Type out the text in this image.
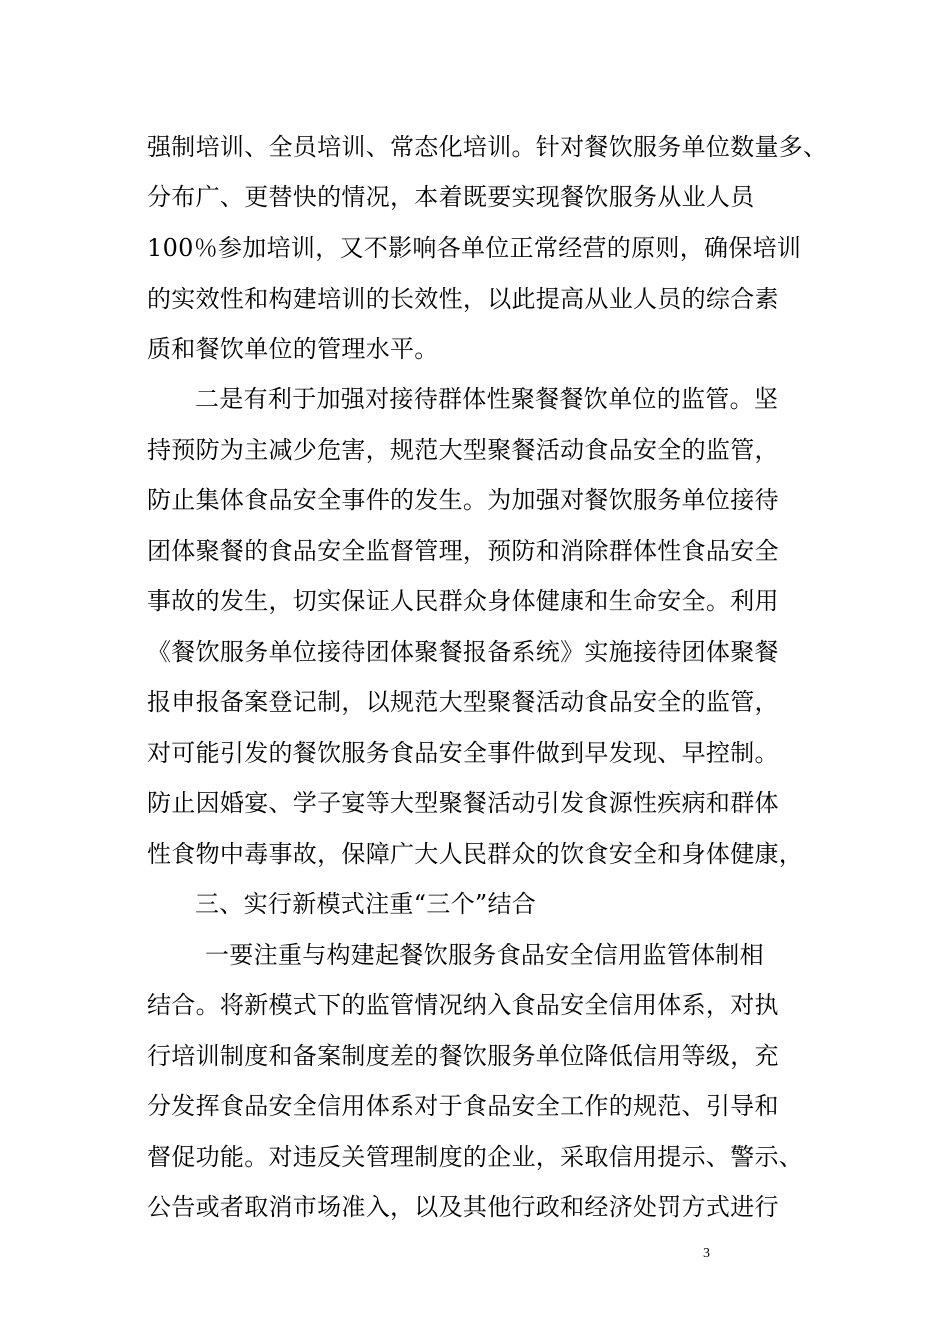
强制培训、全员培训、常态化培训。针对餐饮服务单位数量多、
分布广、更替快的情况，本着既要实现餐饮服务从业人员
100％参加培训，又不影响各单位正常经营的原则，确保培训
的实效性和构建培训的长效性，以此提高从业人员的综合素
质和餐饮单位的管理水平。
二是有利于加强对接待群体性聚餐餐饮单位的监管。坚
持预防为主减少危害，规范大型聚餐活动食品安全的监管，
防止集体食品安全事件的发生。为加强对餐饮服务单位接待
团体聚餐的食品安全监督管理，预防和消除群体性食品安全
事故的发生，切实保证人民群众身体健康和生命安全。利用
《餐饮服务单位接待团体聚餐报备系统》实施接待团体聚餐
报申报备案登记制，以规范大型聚餐活动食品安全的监管，
对可能引发的餐饮服务食品安全事件做到早发现、早控制。
防止因婚宴、学子宴等大型聚餐活动引发食源性疾病和群体
性食物中毒事故，保障广大人民群众的饮食安全和身体健康，
三、实行新模式注重“三个”结合
一要注重与构建起餐饮服务食品安全信用监管体制相
结合。将新模式下的监管情况纳入食品安全信用体系，对执
行培训制度和备案制度差的餐饮服务单位降低信用等级，充
分发挥食品安全信用体系对于食品安全工作的规范、引导和
督促功能。对违反关管理制度的企业，采取信用提示、警示、
公告或者取消市场准入，以及其他行政和经济处罚方式进行
3
